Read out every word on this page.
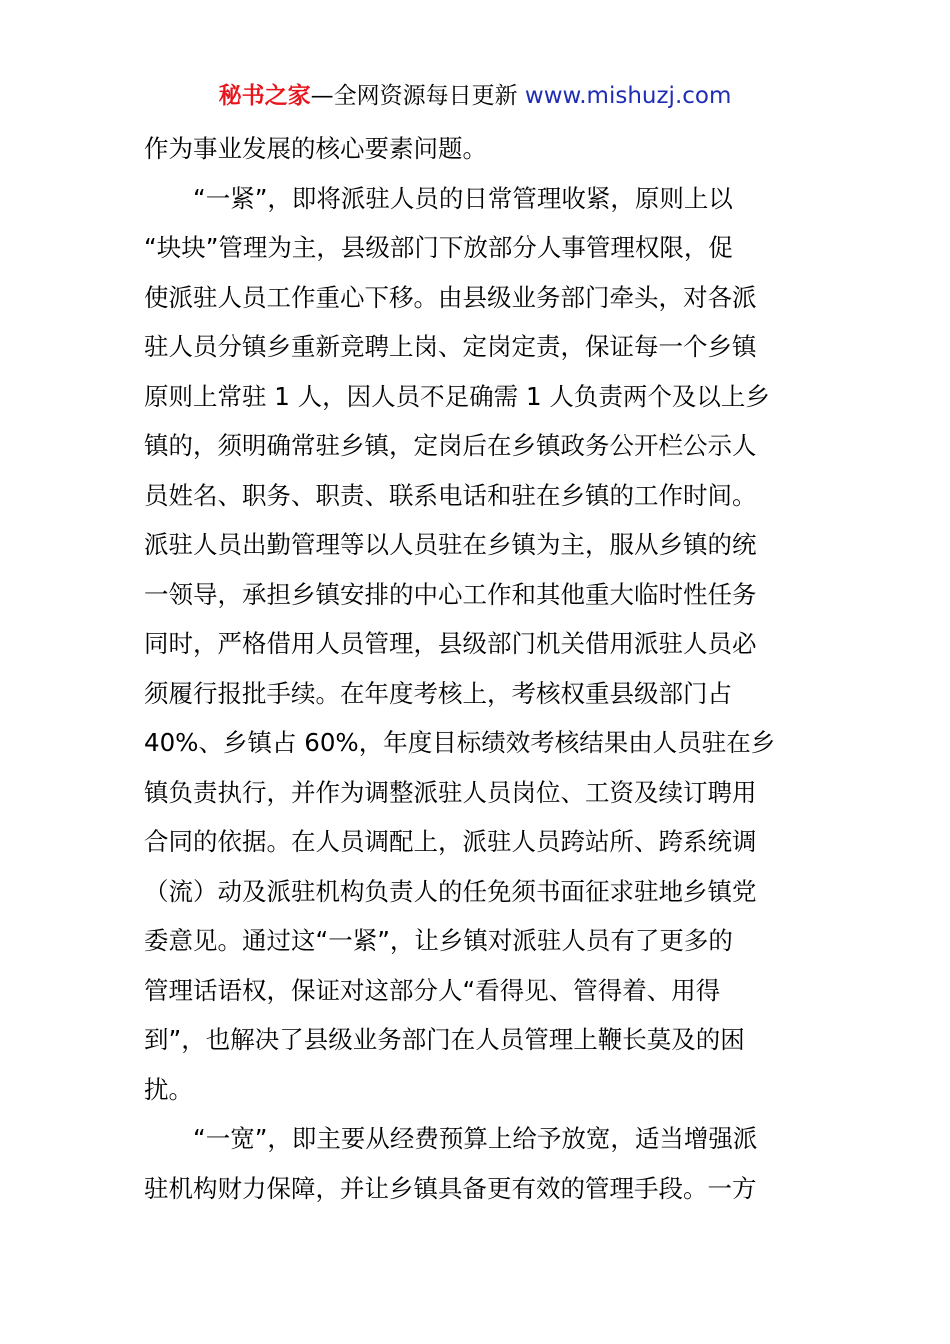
秘书之家—全网资源每日更新 www.mishuzj.com
作为事业发展的核心要素问题。
“一紧”，即将派驻人员的日常管理收紧，原则上以
“块块”管理为主，县级部门下放部分人事管理权限，促
使派驻人员工作重心下移。由县级业务部门牵头，对各派
驻人员分镇乡重新竞聘上岗、定岗定责，保证每一个乡镇
原则上常驻 1 人，因人员不足确需 1 人负责两个及以上乡
镇的，须明确常驻乡镇，定岗后在乡镇政务公开栏公示人
员姓名、职务、职责、联系电话和驻在乡镇的工作时间。
派驻人员出勤管理等以人员驻在乡镇为主，服从乡镇的统
一领导，承担乡镇安排的中心工作和其他重大临时性任务
同时，严格借用人员管理，县级部门机关借用派驻人员必
须履行报批手续。在年度考核上，考核权重县级部门占
40%、乡镇占 60%，年度目标绩效考核结果由人员驻在乡
镇负责执行，并作为调整派驻人员岗位、工资及续订聘用
合同的依据。在人员调配上，派驻人员跨站所、跨系统调
（流）动及派驻机构负责人的任免须书面征求驻地乡镇党
委意见。通过这“一紧”，让乡镇对派驻人员有了更多的
管理话语权，保证对这部分人“看得见、管得着、用得
到”，也解决了县级业务部门在人员管理上鞭长莫及的困
扰。
“一宽”，即主要从经费预算上给予放宽，适当增强派
驻机构财力保障，并让乡镇具备更有效的管理手段。一方
